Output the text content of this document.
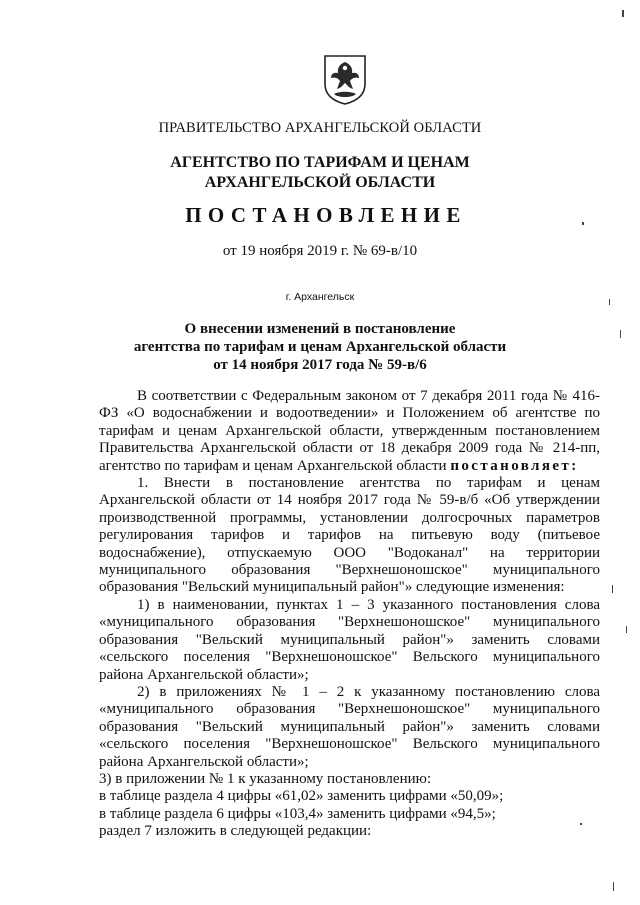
ПРАВИТЕЛЬСТВО АРХАНГЕЛЬСКОЙ ОБЛАСТИ
АГЕНТСТВО ПО ТАРИФАМ И ЦЕНАМ
АРХАНГЕЛЬСКОЙ ОБЛАСТИ
ПОСТАНОВЛЕНИЕ
от 19 ноября 2019 г. № 69-в/10
г. Архангельск
О внесении изменений в постановление
агентства по тарифам и ценам Архангельской области
от 14 ноября 2017 года № 59-в/6

В соответствии с Федеральным законом от 7 декабря 2011 года № 416-ФЗ «О водоснабжении и водоотведении» и Положением об агентстве по тарифам и ценам Архангельской области, утвержденным постановлением Правительства Архангельской области от 18 декабря 2009 года № 214-пп, агентство по тарифам и ценам Архангельской области постановляет:

1. Внести в постановление агентства по тарифам и ценам Архангельской области от 14 ноября 2017 года № 59-в/б «Об утверждении производственной программы, установлении долгосрочных параметров регулирования тарифов и тарифов на питьевую воду (питьевое водоснабжение), отпускаемую ООО "Водоканал" на территории муниципального образования "Верхнешоношское" муниципального образования "Вельский муниципальный район"» следующие изменения:

1) в наименовании, пунктах 1 – 3 указанного постановления слова «муниципального образования "Верхнешоношское" муниципального образования "Вельский муниципальный район"» заменить словами «сельского поселения "Верхнешоношское" Вельского муниципального района Архангельской области»;

2) в приложениях № 1 – 2 к указанному постановлению слова «муниципального образования "Верхнешоношское" муниципального образования "Вельский муниципальный район"» заменить словами «сельского поселения "Верхнешоношское" Вельского муниципального района Архангельской области»;

3) в приложении № 1 к указанному постановлению:

в таблице раздела 4 цифры «61,02» заменить цифрами «50,09»;

в таблице раздела 6 цифры «103,4» заменить цифрами «94,5»;

раздел 7 изложить в следующей редакции:
